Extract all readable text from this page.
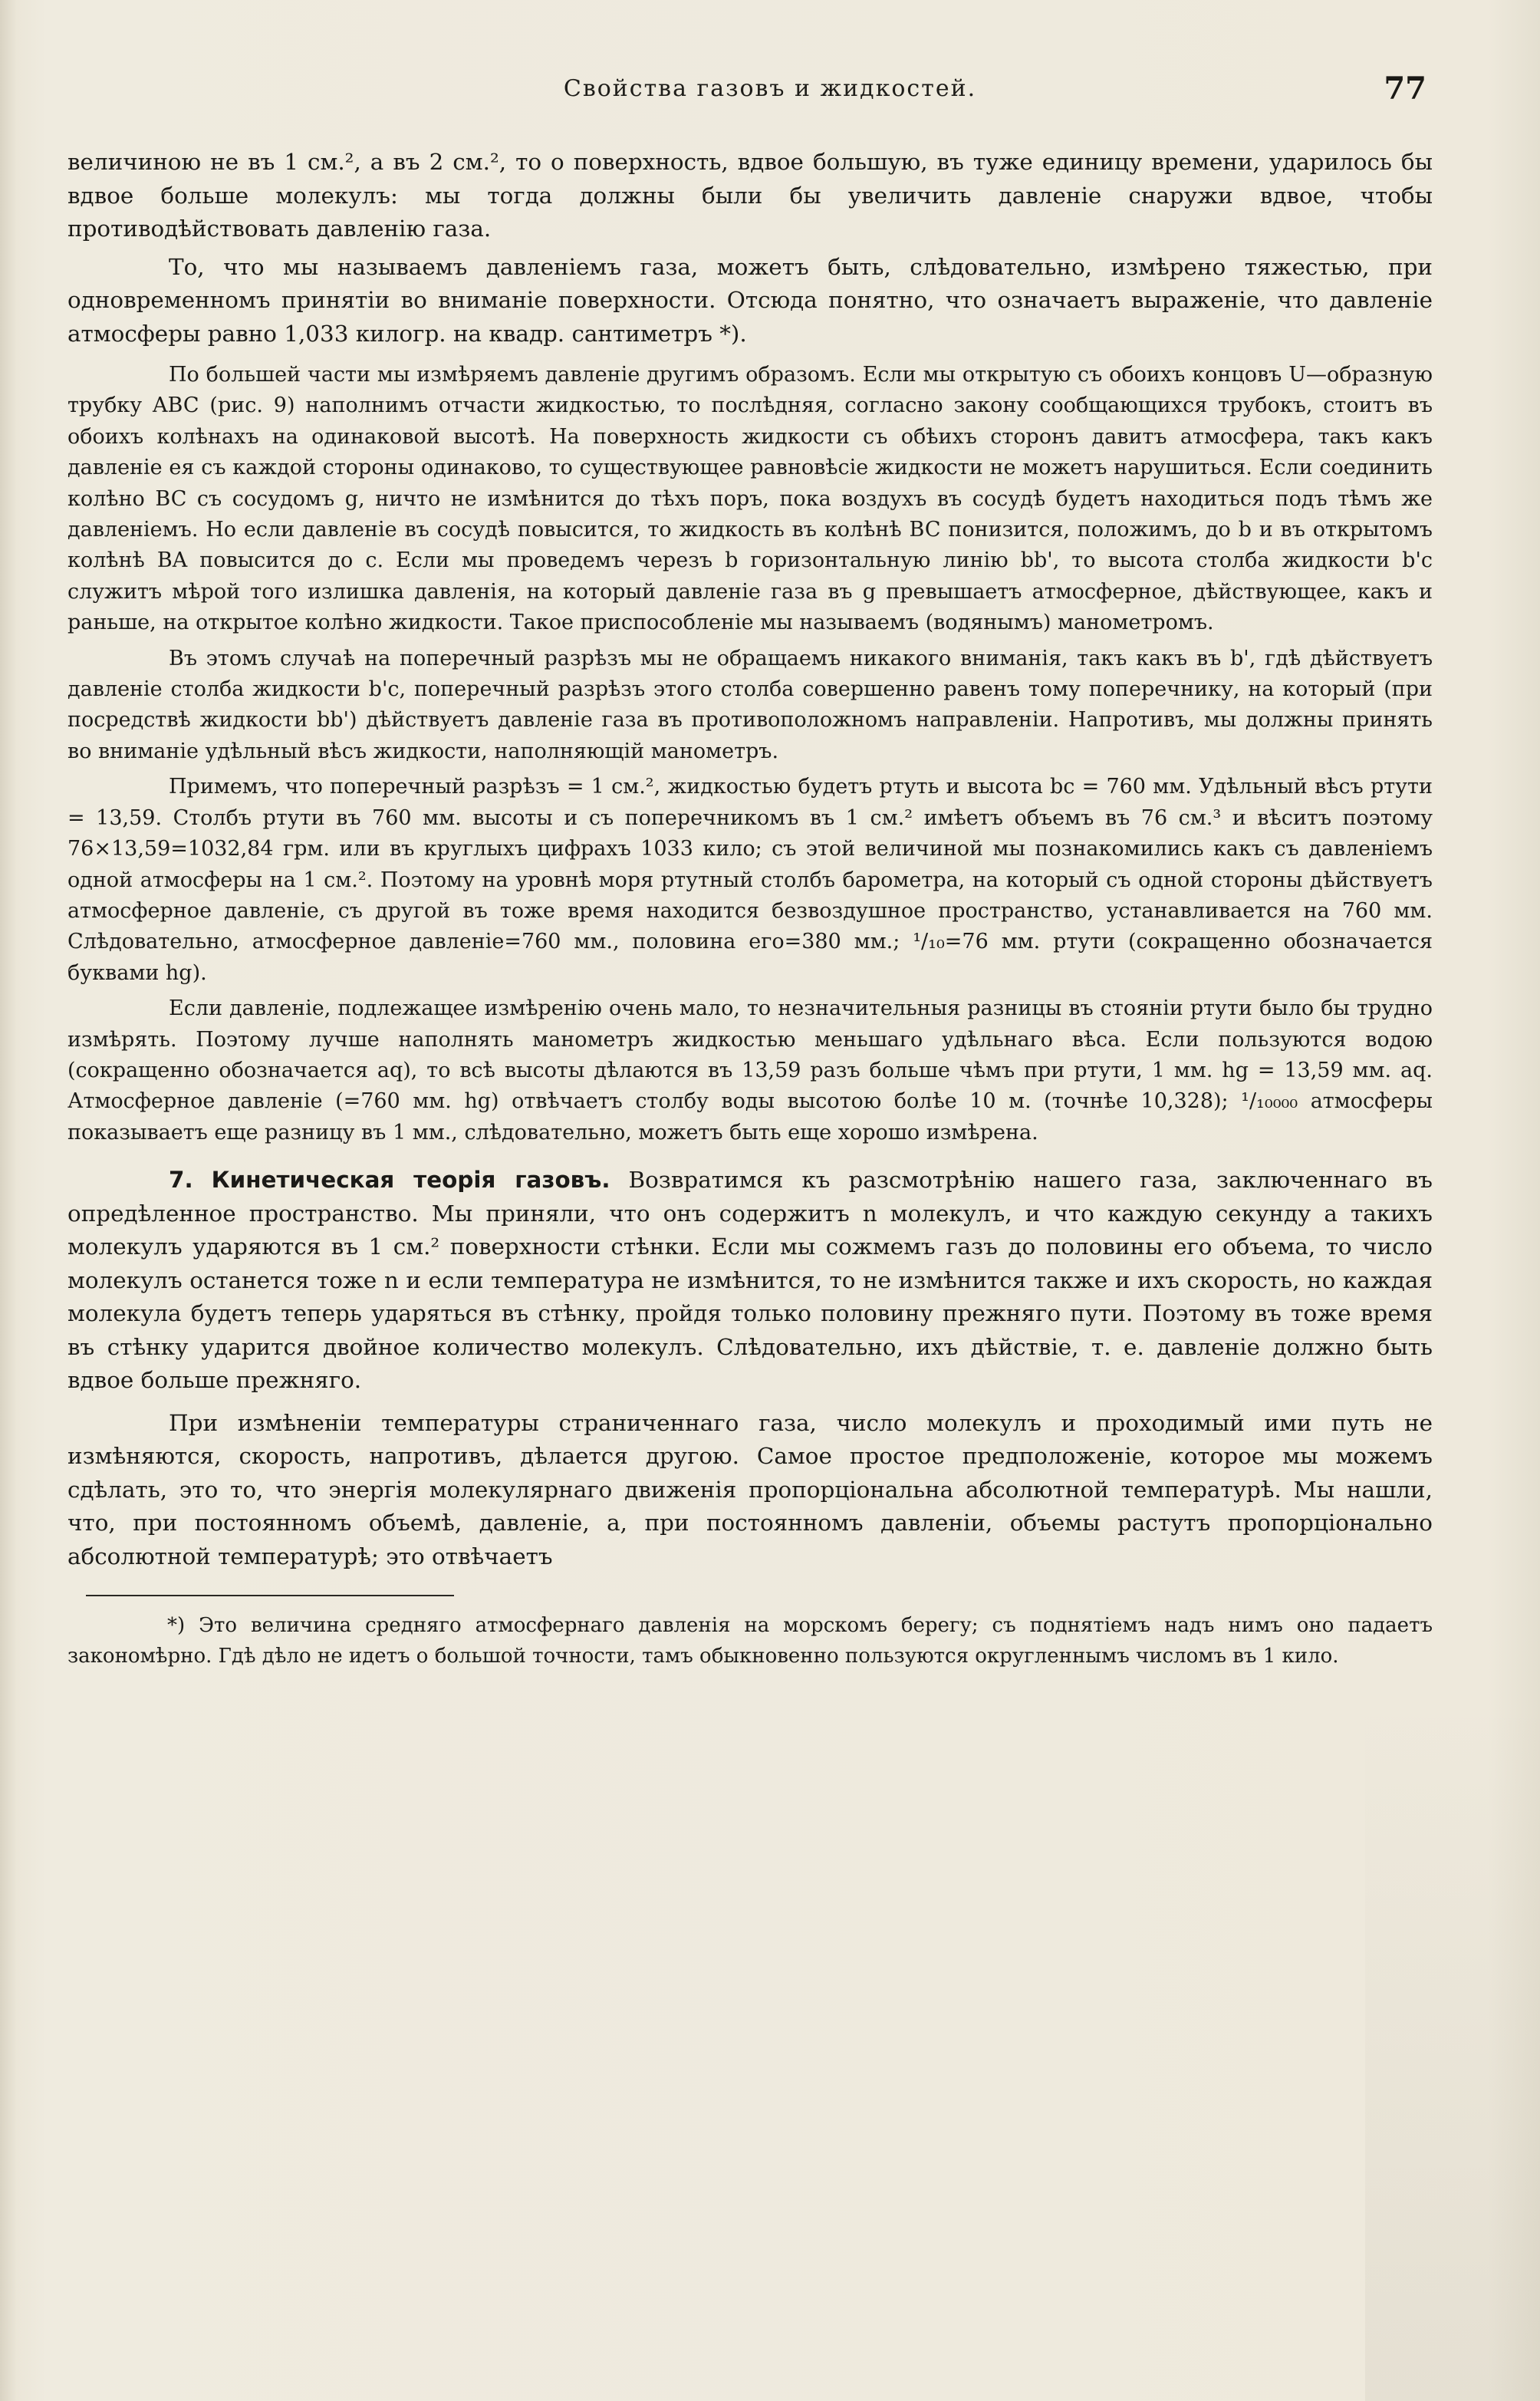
Свойства газовъ и жидкостей.	77

величиною не въ 1 см.², а въ 2 см.², то о поверхность, вдвое большую, въ туже единицу времени, ударилось бы вдвое больше молекулъ: мы тогда должны были бы увеличить давленіе снаружи вдвое, чтобы противодѣйствовать давленію газа.

То, что мы называемъ давленіемъ газа, можетъ быть, слѣдовательно, измѣрено тяжестью, при одновременномъ принятіи во вниманіе поверхности. Отсюда понятно, что означаетъ выраженіе, что давленіе атмосферы равно 1,033 килогр. на квадр. сантиметръ *).

По большей части мы измѣряемъ давленіе другимъ образомъ. Если мы открытую съ обоихъ концовъ U—образную трубку ABC (рис. 9) наполнимъ отчасти жидкостью, то послѣдняя, согласно закону сообщающихся трубокъ, стоитъ въ обоихъ колѣнахъ на одинаковой высотѣ. На поверхность жидкости съ обѣихъ сторонъ давитъ атмосфера, такъ какъ давленіе ея съ каждой стороны одинаково, то существующее равновѣсіе жидкости не можетъ нарушиться. Если соединить колѣно BC съ сосудомъ g, ничто не измѣнится до тѣхъ поръ, пока воздухъ въ сосудѣ будетъ находиться подъ тѣмъ же давленіемъ. Но если давленіе въ сосудѣ повысится, то жидкость въ колѣнѣ BC понизится, положимъ, до b и въ открытомъ колѣнѣ BA повысится до c. Если мы проведемъ черезъ b горизонтальную линію bb', то высота столба жидкости b'c служитъ мѣрой того излишка давленія, на который давленіе газа въ g превышаетъ атмосферное, дѣйствующее, какъ и раньше, на открытое колѣно жидкости. Такое приспособленіе мы называемъ (водянымъ) манометромъ.

Въ этомъ случаѣ на поперечный разрѣзъ мы не обращаемъ никакого вниманія, такъ какъ въ b', гдѣ дѣйствуетъ давленіе столба жидкости b'c, поперечный разрѣзъ этого столба совершенно равенъ тому поперечнику, на который (при посредствѣ жидкости bb') дѣйствуетъ давленіе газа въ противоположномъ направленіи. Напротивъ, мы должны принять во вниманіе удѣльный вѣсъ жидкости, наполняющій манометръ.

Примемъ, что поперечный разрѣзъ = 1 см.², жидкостью будетъ ртуть и высота bc = 760 мм. Удѣльный вѣсъ ртути = 13,59. Столбъ ртути въ 760 мм. высоты и съ поперечникомъ въ 1 см.² имѣетъ объемъ въ 76 см.³ и вѣситъ поэтому 76×13,59=1032,84 грм. или въ круглыхъ цифрахъ 1033 кило; съ этой величиной мы познакомились какъ съ давленіемъ одной атмосферы на 1 см.². Поэтому на уровнѣ моря ртутный столбъ барометра, на который съ одной стороны дѣйствуетъ атмосферное давленіе, съ другой въ тоже время находится безвоздушное пространство, устанавливается на 760 мм. Слѣдовательно, атмосферное давленіе=760 мм., половина его=380 мм.; ¹/₁₀=76 мм. ртути (сокращенно обозначается буквами hg).

Если давленіе, подлежащее измѣренію очень мало, то незначительныя разницы въ стояніи ртути было бы трудно измѣрять. Поэтому лучше наполнять манометръ жидкостью меньшаго удѣльнаго вѣса. Если пользуются водою (сокращенно обозначается aq), то всѣ высоты дѣлаются въ 13,59 разъ больше чѣмъ при ртути, 1 мм. hg = 13,59 мм. aq. Атмосферное давленіе (=760 мм. hg) отвѣчаетъ столбу воды высотою болѣе 10 м. (точнѣе 10,328); ¹/₁₀₀₀₀ атмосферы показываетъ еще разницу въ 1 мм., слѣдовательно, можетъ быть еще хорошо измѣрена.

7. Кинетическая теорія газовъ. Возвратимся къ разсмотрѣнію нашего газа, заключеннаго въ опредѣленное пространство. Мы приняли, что онъ содержитъ n молекулъ, и что каждую секунду a такихъ молекулъ ударяются въ 1 см.² поверхности стѣнки. Если мы сожмемъ газъ до половины его объема, то число молекулъ останется тоже n и если температура не измѣнится, то не измѣнится также и ихъ скорость, но каждая молекула будетъ теперь ударяться въ стѣнку, пройдя только половину прежняго пути. Поэтому въ тоже время въ стѣнку ударится двойное количество молекулъ. Слѣдовательно, ихъ дѣйствіе, т. е. давленіе должно быть вдвое больше прежняго.

При измѣненіи температуры страниченнаго газа, число молекулъ и проходимый ими путь не измѣняются, скорость, напротивъ, дѣлается другою. Самое простое предположеніе, которое мы можемъ сдѣлать, это то, что энергія молекулярнаго движенія пропорціональна абсолютной температурѣ. Мы нашли, что, при постоянномъ объемѣ, давленіе, а, при постоянномъ давленіи, объемы растутъ пропорціонально абсолютной температурѣ; это отвѣчаетъ

*) Это величина средняго атмосфернаго давленія на морскомъ берегу; съ поднятіемъ надъ нимъ оно падаетъ закономѣрно. Гдѣ дѣло не идетъ о большой точности, тамъ обыкновенно пользуются округленнымъ числомъ въ 1 кило.
